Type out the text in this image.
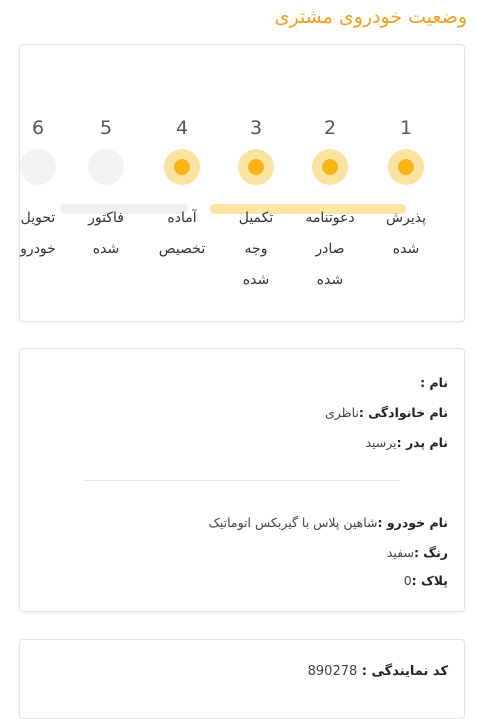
وضعیت خودروی مشتری
1
پذیرش
شده
2
دعوتنامه
صادر
شده
3
تکمیل
وجه
شده
4
آماده
تخصیص
5
فاکتور
شده
6
تحویل
خودرو
نام :
نام خانوادگی :ناظری
نام پدر :یرسید
نام خودرو :شاهین پلاس با گیربکس اتوماتیک
رنگ :سفید
پلاک :0
کد نمایندگی : 890278
